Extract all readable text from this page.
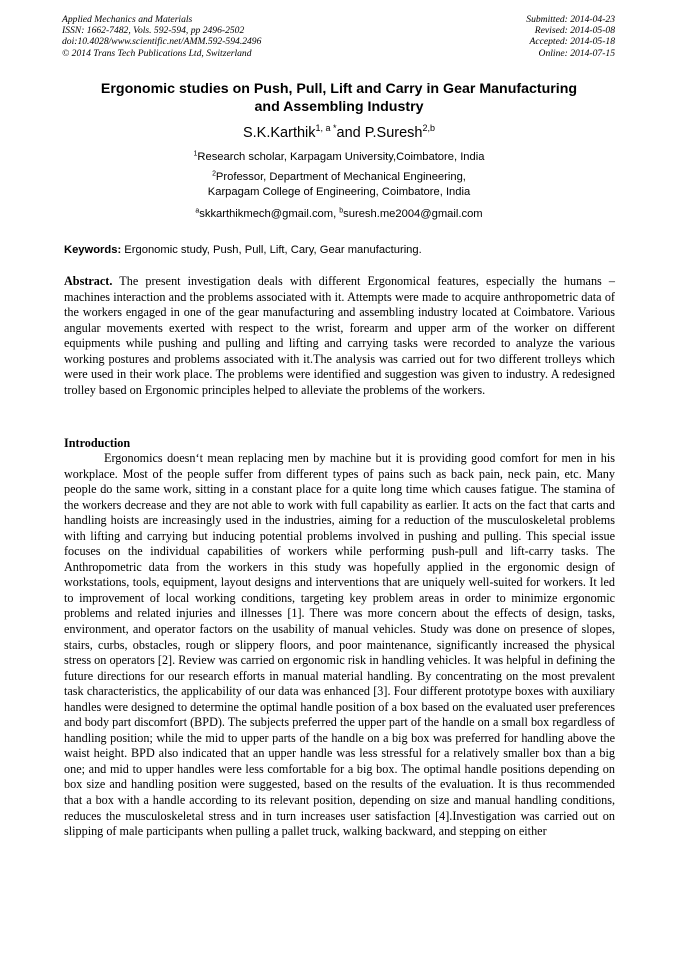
Applied Mechanics and Materials
ISSN: 1662-7482, Vols. 592-594, pp 2496-2502
doi:10.4028/www.scientific.net/AMM.592-594.2496
© 2014 Trans Tech Publications Ltd, Switzerland
Submitted: 2014-04-23
Revised: 2014-05-08
Accepted: 2014-05-18
Online: 2014-07-15
Ergonomic studies on Push, Pull, Lift and Carry in Gear Manufacturing
and Assembling Industry
S.K.Karthik$^{1, a *}$and P.Suresh$^{2,b}$
$^1$Research scholar, Karpagam University,Coimbatore, India
$^2$Professor, Department of Mechanical Engineering,
Karpagam College of Engineering, Coimbatore, India
$^a$skkarthikmech@gmail.com, $^b$suresh.me2004@gmail.com
Keywords: Ergonomic study, Push, Pull, Lift, Cary, Gear manufacturing.
Abstract. The present investigation deals with different Ergonomical features, especially the humans – machines interaction and the problems associated with it. Attempts were made to acquire anthropometric data of the workers engaged in one of the gear manufacturing and assembling industry located at Coimbatore. Various angular movements exerted with respect to the wrist, forearm and upper arm of the worker on different equipments while pushing and pulling and lifting and carrying tasks were recorded to analyze the various working postures and problems associated with it.The analysis was carried out for two different trolleys which were used in their work place. The problems were identified and suggestion was given to industry. A redesigned trolley based on Ergonomic principles helped to alleviate the problems of the workers.
Introduction
Ergonomics doesn‘t mean replacing men by machine but it is providing good comfort for men in his workplace. Most of the people suffer from different types of pains such as back pain, neck pain, etc. Many people do the same work, sitting in a constant place for a quite long time which causes fatigue. The stamina of the workers decrease and they are not able to work with full capability as earlier. It acts on the fact that carts and handling hoists are increasingly used in the industries, aiming for a reduction of the musculoskeletal problems with lifting and carrying but inducing potential problems involved in pushing and pulling. This special issue focuses on the individual capabilities of workers while performing push-pull and lift-carry tasks. The Anthropometric data from the workers in this study was hopefully applied in the ergonomic design of workstations, tools, equipment, layout designs and interventions that are uniquely well-suited for workers. It led to improvement of local working conditions, targeting key problem areas in order to minimize ergonomic problems and related injuries and illnesses [1]. There was more concern about the effects of design, tasks, environment, and operator factors on the usability of manual vehicles. Study was done on presence of slopes, stairs, curbs, obstacles, rough or slippery floors, and poor maintenance, significantly increased the physical stress on operators [2]. Review was carried on ergonomic risk in handling vehicles. It was helpful in defining the future directions for our research efforts in manual material handling. By concentrating on the most prevalent task characteristics, the applicability of our data was enhanced [3]. Four different prototype boxes with auxiliary handles were designed to determine the optimal handle position of a box based on the evaluated user preferences and body part discomfort (BPD). The subjects preferred the upper part of the handle on a small box regardless of handling position; while the mid to upper parts of the handle on a big box was preferred for handling above the waist height. BPD also indicated that an upper handle was less stressful for a relatively smaller box than a big one; and mid to upper handles were less comfortable for a big box. The optimal handle positions depending on box size and handling position were suggested, based on the results of the evaluation. It is thus recommended that a box with a handle according to its relevant position, depending on size and manual handling conditions, reduces the musculoskeletal stress and in turn increases user satisfaction [4].Investigation was carried out on slipping of male participants when pulling a pallet truck, walking backward, and stepping on either
